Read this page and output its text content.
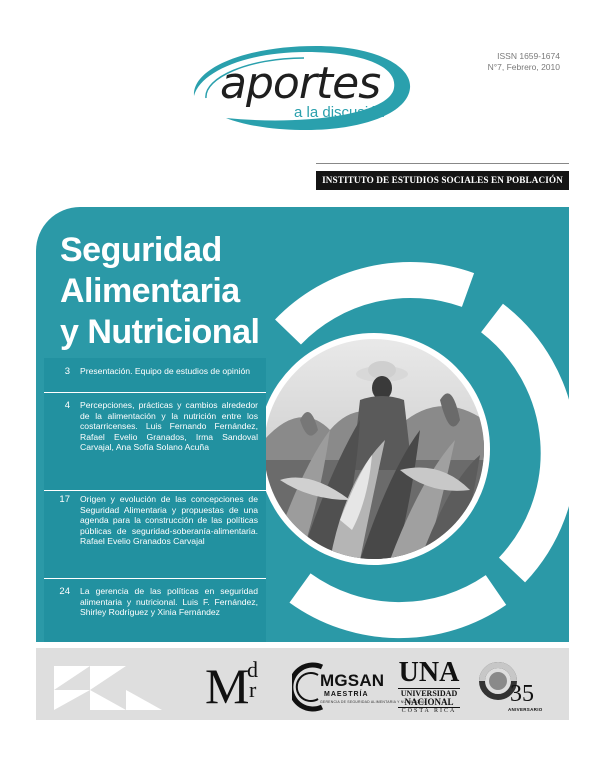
aportes
a la discusión
ISSN 1659-1674
N°7, Febrero, 2010
INSTITUTO DE ESTUDIOS SOCIALES EN POBLACIÓN
Seguridad
Alimentaria
y Nutricional
3 Presentación. Equipo de estudios de opinión
4 Percepciones, prácticas y cambios alrededor de la alimentación y la nutrición entre los costarricenses. Luis Fernando Fernández, Rafael Evelio Granados, Irma Sandoval Carvajal, Ana Sofía Solano Acuña
17 Origen y evolución de las concepciones de Seguridad Alimentaria y propuestas de una agenda para la construcción de las políticas públicas de seguridad-soberanía-alimentaria. Rafael Evelio Granados Carvajal
24 La gerencia de las políticas en seguridad alimentaria y nutricional. Luis F. Fernández, Shirley Rodríguez y Xinia Fernández
M
d
r	MGSAN
MAESTRÍA
GERENCIA DE SEGURIDAD ALIMENTARIA Y NUTRICIONAL
UNA
UNIVERSIDAD
NACIONAL
COSTA RICA
35
ANIVERSARIO
